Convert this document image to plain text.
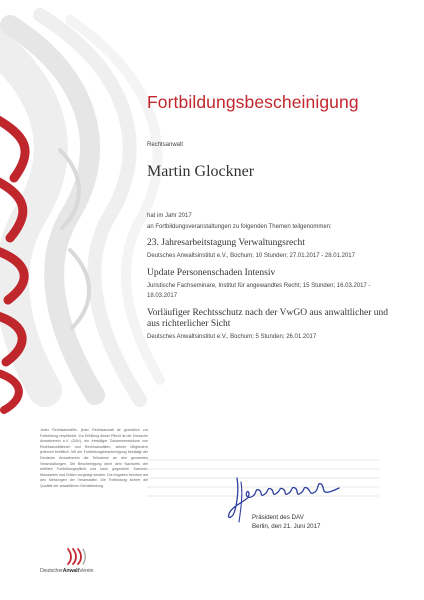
Fortbildungsbescheinigung
Rechtsanwalt
Martin Glockner
hat im Jahr 2017
an Fortbildungsveranstaltungen zu folgenden Themen teilgenommen:
23. Jahresarbeitstagung Verwaltungsrecht
Deutsches Anwaltsinstitut e.V., Bochum; 10 Stunden; 27.01.2017 - 28.01.2017
Update Personenschaden Intensiv
Juristische Fachseminare, Institut für angewandtes Recht; 15 Stunden; 16.03.2017 - 18.03.2017
Vorläufiger Rechtsschutz nach der VwGO aus anwaltlicher und aus richterlicher Sicht
Deutsches Anwaltsinstitut e.V., Bochum; 5 Stunden; 26.01.2017
Jeder Rechtsanwältin, jeder Rechtsanwalt ist gesetzlich zur Fortbildung verpflichtet. Zur Erfüllung dieser Pflicht ist der Deutsche Anwaltverein e.V. (DAV), ein freiwilliger Zusammenschluss von Rechtsanwältinnen und Rechtsanwälten, seinen Mitgliedern jederzeit behilflich. Mit der Fortbildungsbescheinigung bestätigt der Deutsche Anwaltverein die Teilnahme an den genannten Veranstaltungen. Die Bescheinigung dient dem Nachweis der erfüllten Fortbildungspflicht und kann gegenüber Kammer, Mandanten und Dritten vorgelegt werden. Die Angaben beruhen auf den Meldungen der Veranstalter. Die Fortbildung sichert die Qualität der anwaltlichen Dienstleistung.
Präsident des DAV
Berlin, den 21. Juni 2017
DeutscherAnwaltVerein
